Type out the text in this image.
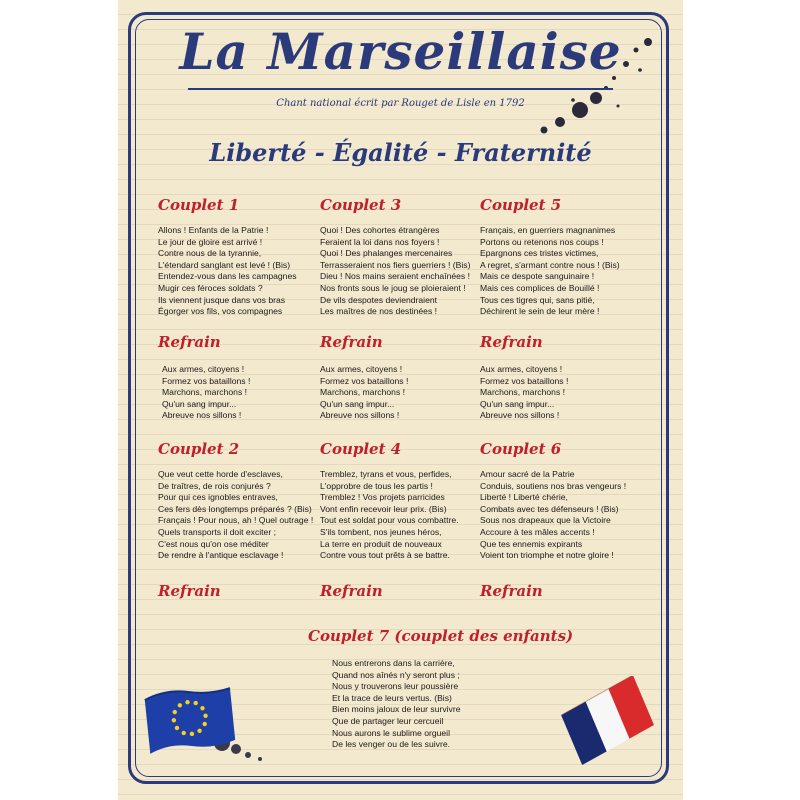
La Marseillaise
Chant national écrit par Rouget de Lisle en 1792
Liberté - Égalité - Fraternité
Couplet 1
Allons ! Enfants de la Patrie !
Le jour de gloire est arrivé !
Contre nous de la tyrannie,
L'étendard sanglant est levé ! (Bis)
Entendez-vous dans les campagnes
Mugir ces féroces soldats ?
Ils viennent jusque dans vos bras
Égorger vos fils, vos compagnes
Couplet 3
Quoi ! Des cohortes étrangères
Feraient la loi dans nos foyers !
Quoi ! Des phalanges mercenaires
Terrasseraient nos fiers guerriers ! (Bis)
Dieu ! Nos mains seraient enchaînées !
Nos fronts sous le joug se ploieraient !
De vils despotes deviendraient
Les maîtres de nos destinées !
Couplet 5
Français, en guerriers magnanimes
Portons ou retenons nos coups !
Epargnons ces tristes victimes,
A regret, s'armant contre nous ! (Bis)
Mais ce despote sanguinaire !
Mais ces complices de Bouillé !
Tous ces tigres qui, sans pitié,
Déchirent le sein de leur mère !
Refrain
Aux armes, citoyens !
Formez vos bataillons !
Marchons, marchons !
Qu'un sang impur...
Abreuve nos sillons !
Refrain
Aux armes, citoyens !
Formez vos bataillons !
Marchons, marchons !
Qu'un sang impur...
Abreuve nos sillons !
Refrain
Aux armes, citoyens !
Formez vos bataillons !
Marchons, marchons !
Qu'un sang impur...
Abreuve nos sillons !
Couplet 2
Que veut cette horde d'esclaves,
De traîtres, de rois conjurés ?
Pour qui ces ignobles entraves,
Ces fers dès longtemps préparés ? (Bis)
Français ! Pour nous, ah ! Quel outrage !
Quels transports il doit exciter ;
C'est nous qu'on ose méditer
De rendre à l'antique esclavage !
Couplet 4
Tremblez, tyrans et vous, perfides,
L'opprobre de tous les partis !
Tremblez ! Vos projets parricides
Vont enfin recevoir leur prix. (Bis)
Tout est soldat pour vous combattre.
S'ils tombent, nos jeunes héros,
La terre en produit de nouveaux
Contre vous tout prêts à se battre.
Couplet 6
Amour sacré de la Patrie
Conduis, soutiens nos bras vengeurs !
Liberté ! Liberté chérie,
Combats avec tes défenseurs ! (Bis)
Sous nos drapeaux que la Victoire
Accoure à tes mâles accents !
Que tes ennemis expirants
Voient ton triomphe et notre gloire !
Refrain	Refrain	Refrain
Couplet 7 (couplet des enfants)
Nous entrerons dans la carrière,
Quand nos aînés n'y seront plus ;
Nous y trouverons leur poussière
Et la trace de leurs vertus. (Bis)
Bien moins jaloux de leur survivre
Que de partager leur cercueil
Nous aurons le sublime orgueil
De les venger ou de les suivre.
